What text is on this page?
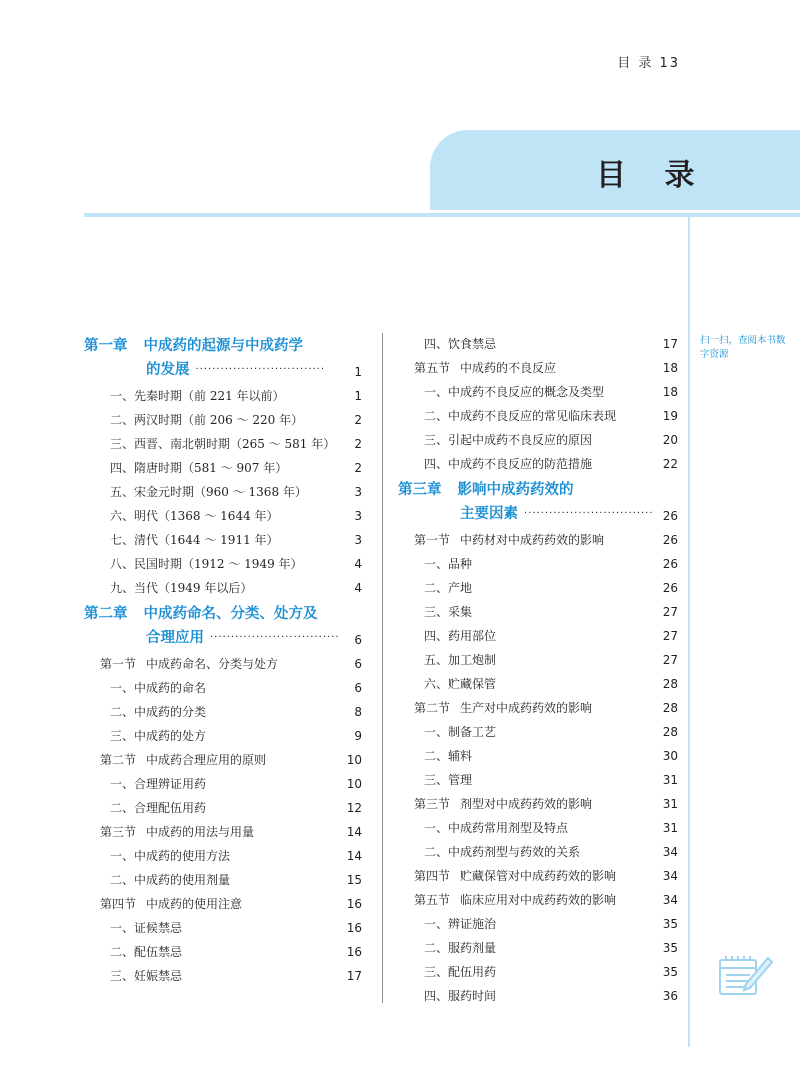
目 录 13
目 录
扫一扫，查阅本书数字资源
第一章 中成药的起源与中成药学
的发展 ······························· 1
一、先秦时期（前 221 年以前）	1
二、两汉时期（前 206 ～ 220 年）	2
三、西晋、南北朝时期（265 ～ 581 年） 2
四、隋唐时期（581 ～ 907 年）	2
五、宋金元时期（960 ～ 1368 年）	3
六、明代（1368 ～ 1644 年）	3
七、清代（1644 ～ 1911 年）	3
八、民国时期（1912 ～ 1949 年）	4
九、当代（1949 年以后）	4
第二章 中成药命名、分类、处方及
合理应用 ······························· 6
第一节 中成药命名、分类与处方	6
一、中成药的命名	6
二、中成药的分类	8
三、中成药的处方	9
第二节 中成药合理应用的原则	10
一、合理辨证用药	10
二、合理配伍用药	12
第三节 中成药的用法与用量	14
一、中成药的使用方法	14
二、中成药的使用剂量	15
第四节 中成药的使用注意	16
一、证候禁忌	16
二、配伍禁忌	16
三、妊娠禁忌	17
四、饮食禁忌	17
第五节 中成药的不良反应	18
一、中成药不良反应的概念及类型	18
二、中成药不良反应的常见临床表现	19
三、引起中成药不良反应的原因	20
四、中成药不良反应的防范措施	22
第三章 影响中成药药效的
主要因素 ······························· 26
第一节 中药材对中成药药效的影响	26
一、品种	26
二、产地	26
三、采集	27
四、药用部位	27
五、加工炮制	27
六、贮藏保管	28
第二节 生产对中成药药效的影响	28
一、制备工艺	28
二、辅料	30
三、管理	31
第三节 剂型对中成药药效的影响	31
一、中成药常用剂型及特点	31
二、中成药剂型与药效的关系	34
第四节 贮藏保管对中成药药效的影响	34
第五节 临床应用对中成药药效的影响	34
一、辨证施治	35
二、服药剂量	35
三、配伍用药	35
四、服药时间	36
